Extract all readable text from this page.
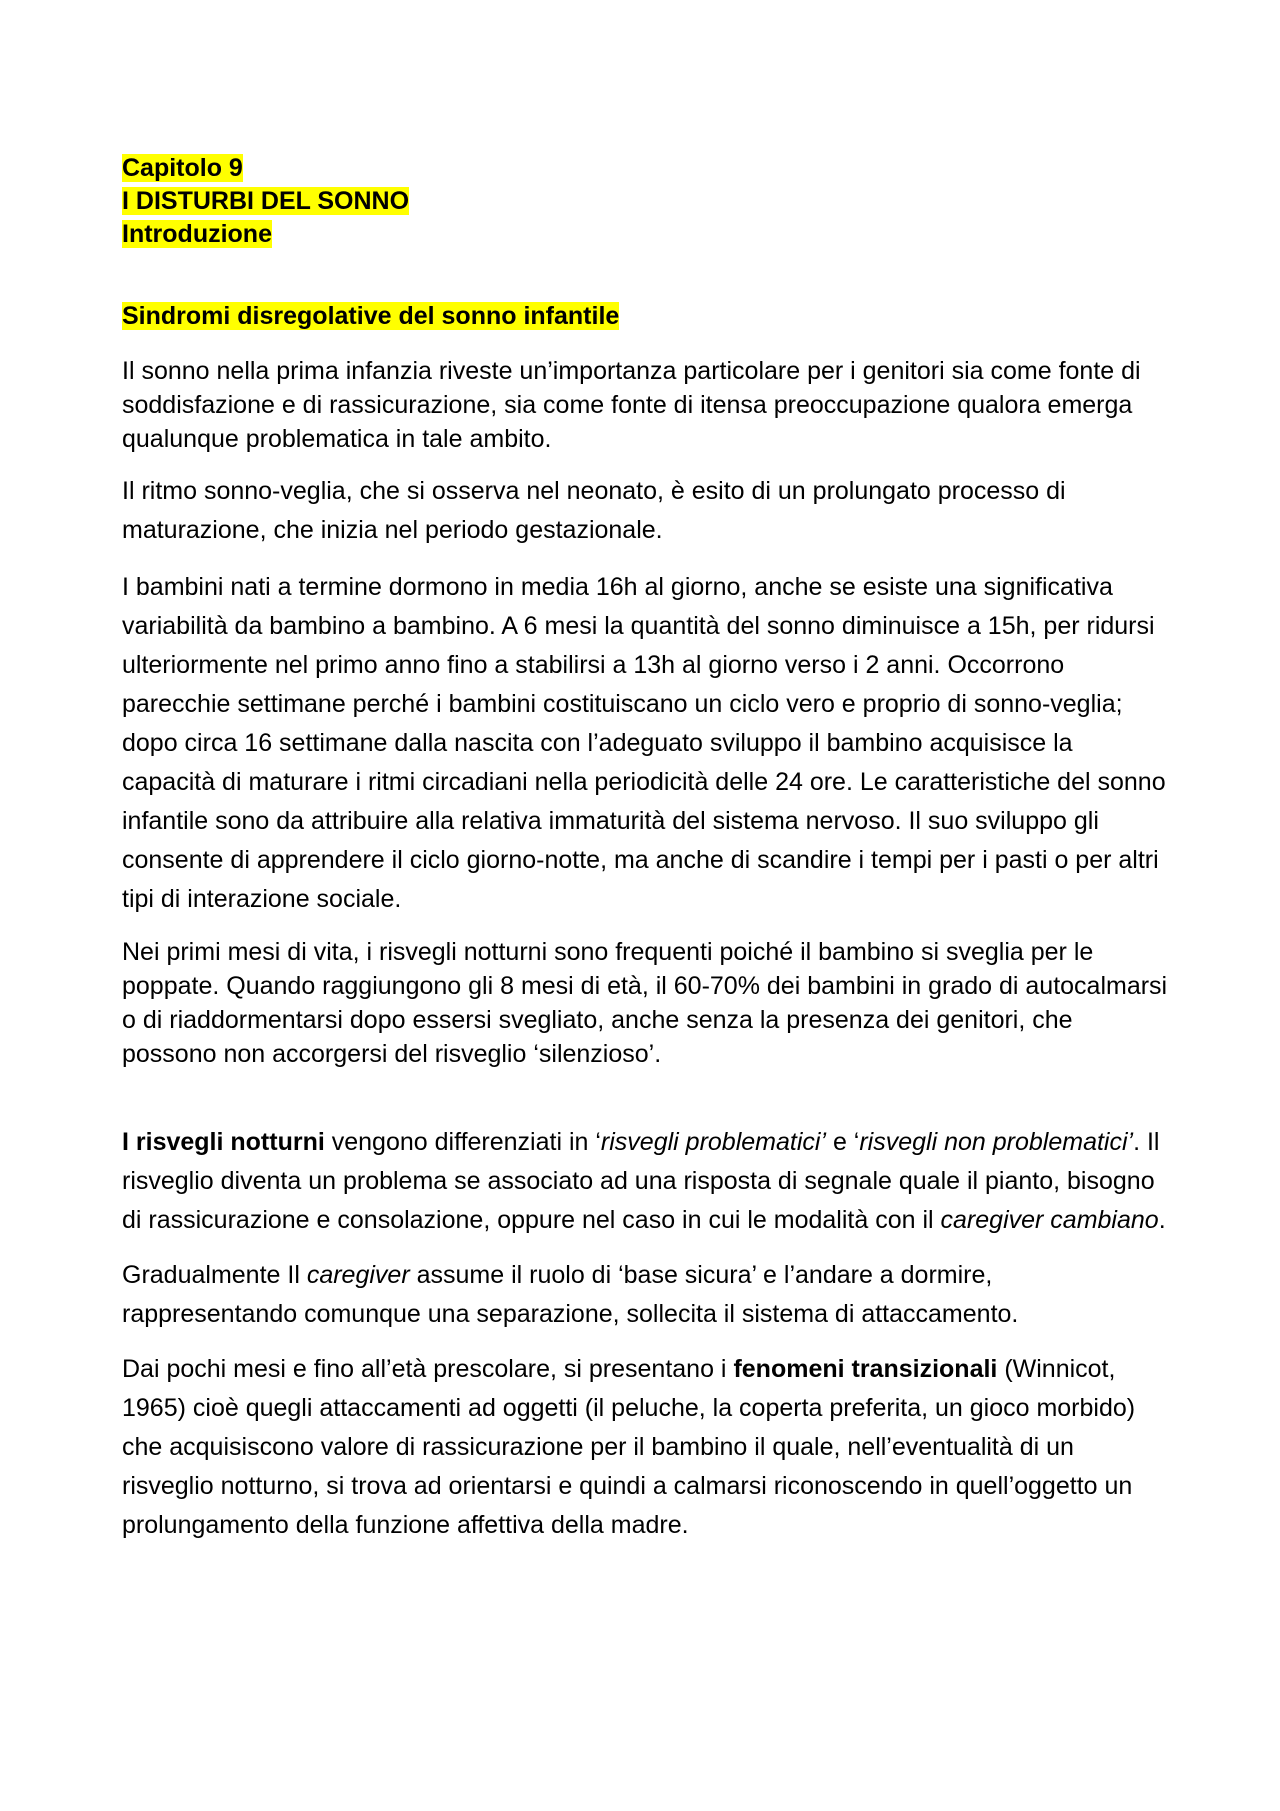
Capitolo 9
I DISTURBI DEL SONNO
Introduzione
Sindromi disregolative del sonno infantile

Il sonno nella prima infanzia riveste un’importanza particolare per i genitori sia come fonte di soddisfazione e di rassicurazione, sia come fonte di itensa preoccupazione qualora emerga qualunque problematica in tale ambito.

Il ritmo sonno-veglia, che si osserva nel neonato, è esito di un prolungato processo di maturazione, che inizia nel periodo gestazionale.

I bambini nati a termine dormono in media 16h al giorno, anche se esiste una significativa variabilità da bambino a bambino. A 6 mesi la quantità del sonno diminuisce a 15h, per ridursi ulteriormente nel primo anno fino a stabilirsi a 13h al giorno verso i 2 anni. Occorrono parecchie settimane perché i bambini costituiscano un ciclo vero e proprio di sonno-veglia; dopo circa 16 settimane dalla nascita con l’adeguato sviluppo il bambino acquisisce la capacità di maturare i ritmi circadiani nella periodicità delle 24 ore. Le caratteristiche del sonno infantile sono da attribuire alla relativa immaturità del sistema nervoso. Il suo sviluppo gli consente di apprendere il ciclo giorno-notte, ma anche di scandire i tempi per i pasti o per altri tipi di interazione sociale.

Nei primi mesi di vita, i risvegli notturni sono frequenti poiché il bambino si sveglia per le poppate. Quando raggiungono gli 8 mesi di età, il 60-70% dei bambini in grado di autocalmarsi o di riaddormentarsi dopo essersi svegliato, anche senza la presenza dei genitori, che possono non accorgersi del risveglio ‘silenzioso’.

I risvegli notturni vengono differenziati in ‘risvegli problematici’ e ‘risvegli non problematici’. Il risveglio diventa un problema se associato ad una risposta di segnale quale il pianto, bisogno di rassicurazione e consolazione, oppure nel caso in cui le modalità con il caregiver cambiano.

Gradualmente Il caregiver assume il ruolo di ‘base sicura’ e l’andare a dormire, rappresentando comunque una separazione, sollecita il sistema di attaccamento.

Dai pochi mesi e fino all’età prescolare, si presentano i fenomeni transizionali (Winnicot, 1965) cioè quegli attaccamenti ad oggetti (il peluche, la coperta preferita, un gioco morbido) che acquisiscono valore di rassicurazione per il bambino il quale, nell’eventualità di un risveglio notturno, si trova ad orientarsi e quindi a calmarsi riconoscendo in quell’oggetto un prolungamento della funzione affettiva della madre.
